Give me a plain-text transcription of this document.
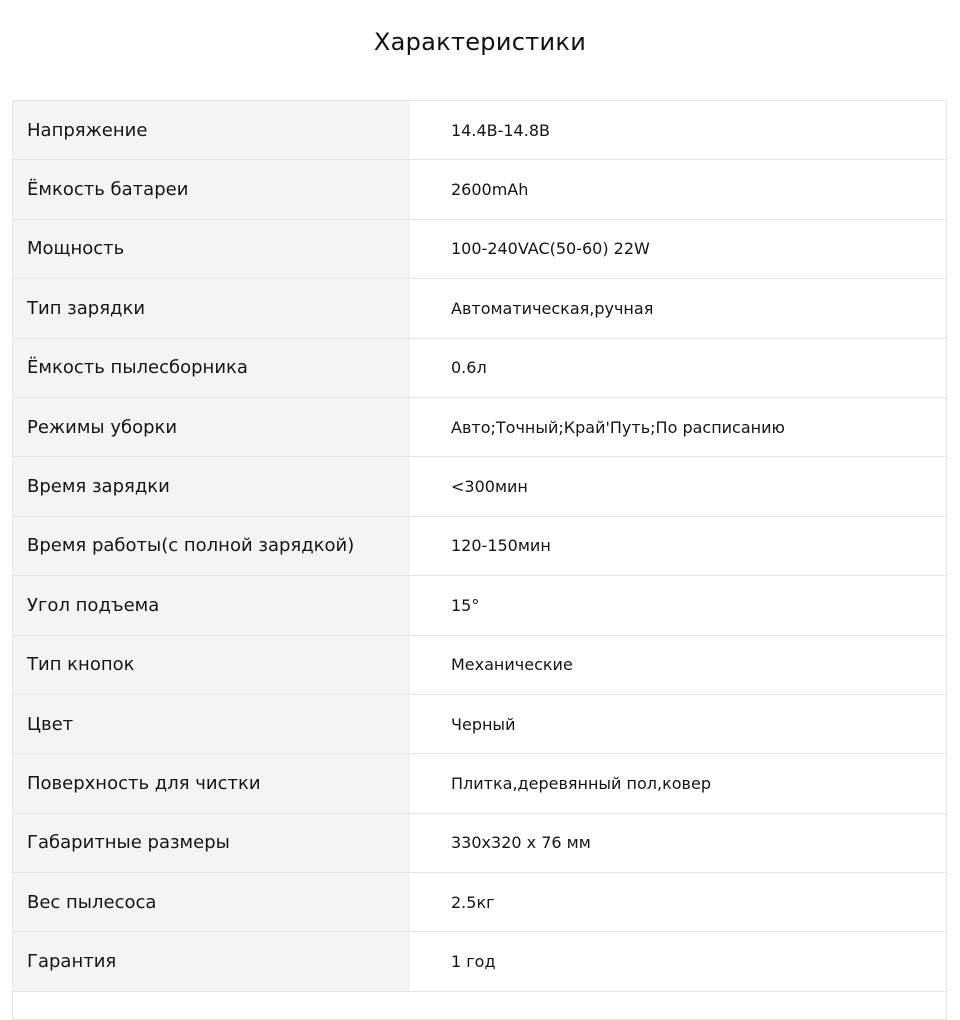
Характеристики
Напряжение	14.4В-14.8В
Ёмкость батареи	2600mAh
Мощность	100-240VAC(50-60) 22W
Тип зарядки	Автоматическая,ручная
Ёмкость пылесборника	0.6л
Режимы уборки	Авто;Точный;Край'Путь;По расписанию
Время зарядки	<300мин
Время работы(с полной зарядкой)	120-150мин
Угол подъема	15°
Тип кнопок	Механические
Цвет	Черный
Поверхность для чистки	Плитка,деревянный пол,ковер
Габаритные размеры	330x320 x 76 мм
Вес пылесоса	2.5кг
Гарантия	1 год
